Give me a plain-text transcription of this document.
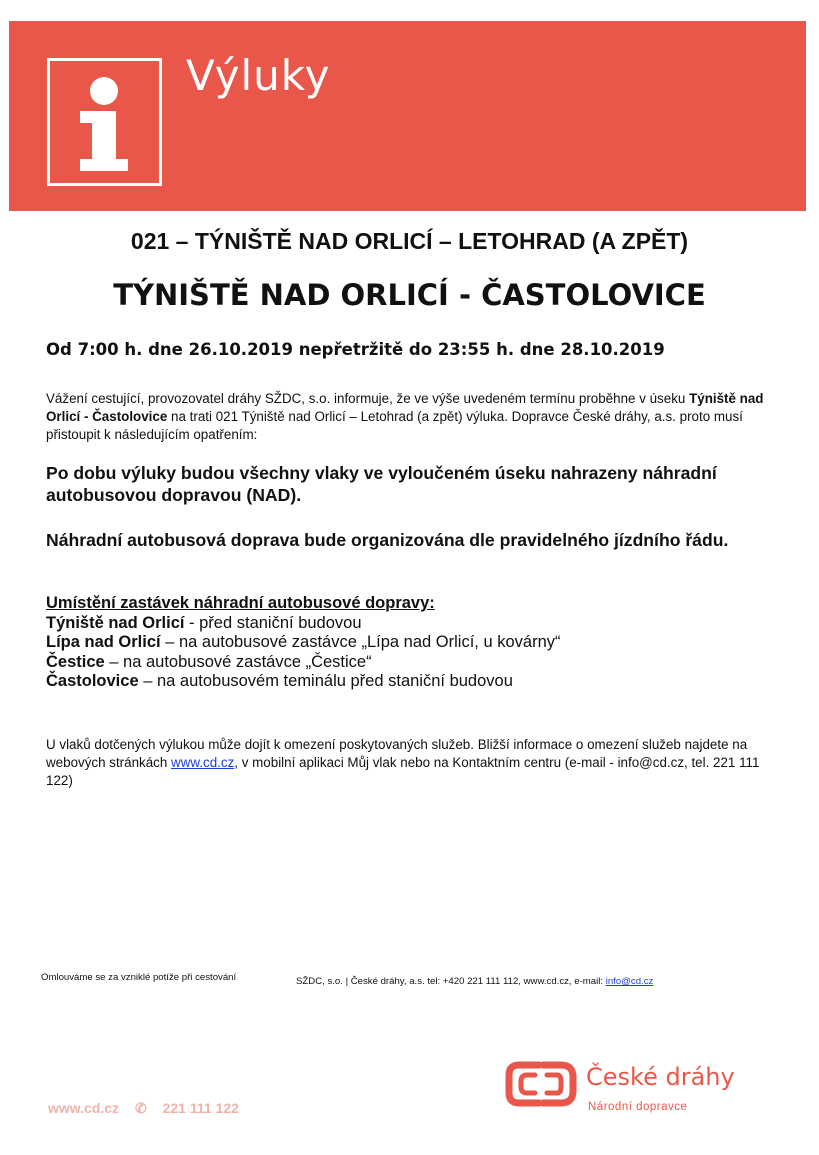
Výluky
021 – TÝNIŠTĚ NAD ORLICÍ – LETOHRAD (A ZPĚT)
TÝNIŠTĚ NAD ORLICÍ - ČASTOLOVICE
Od 7:00 h. dne 26.10.2019 nepřetržitě do 23:55 h. dne 28.10.2019
Vážení cestující, provozovatel dráhy SŽDC, s.o. informuje, že ve výše uvedeném termínu proběhne v úseku Týniště nad Orlicí - Častolovice na trati 021 Týniště nad Orlicí – Letohrad (a zpět) výluka. Dopravce České dráhy, a.s. proto musí přistoupit k následujícím opatřením:
Po dobu výluky budou všechny vlaky ve vyloučeném úseku nahrazeny náhradní autobusovou dopravou (NAD).
Náhradní autobusová doprava bude organizována dle pravidelného jízdního řádu.
Umístění zastávek náhradní autobusové dopravy:
Týniště nad Orlicí - před staniční budovou
Lípa nad Orlicí – na autobusové zastávce „Lípa nad Orlicí, u kovárny“
Čestice – na autobusové zastávce „Čestice“
Častolovice – na autobusovém teminálu před staniční budovou
U vlaků dotčených výlukou může dojít k omezení poskytovaných služeb. Bližší informace o omezení služeb najdete na webových stránkách www.cd.cz, v mobilní aplikaci Můj vlak nebo na Kontaktním centru (e-mail - info@cd.cz, tel. 221 111 122)
Omlouváme se za vzniklé potíže při cestování	SŽDC, s.o. | České dráhy, a.s. tel: +420 221 111 112, www.cd.cz, e-mail: info@cd.cz
www.cd.cz ✆ 221 111 122
České dráhy
Národní dopravce
